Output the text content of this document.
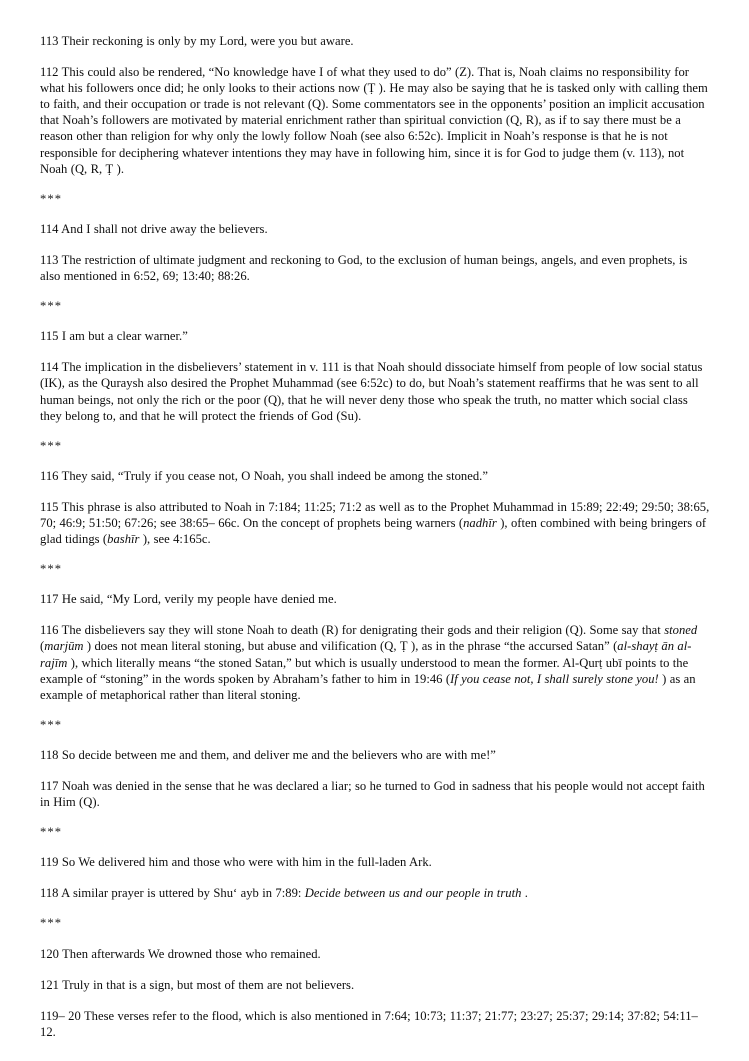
113 Their reckoning is only by my Lord, were you but aware.
112 This could also be rendered, “No knowledge have I of what they used to do” (Z). That is, Noah claims no responsibility for what his followers once did; he only looks to their actions now (Ṭ ). He may also be saying that he is tasked only with calling them to faith, and their occupation or trade is not relevant (Q). Some commentators see in the opponents’ position an implicit accusation that Noah’s followers are motivated by material enrichment rather than spiritual conviction (Q, R), as if to say there must be a reason other than religion for why only the lowly follow Noah (see also 6:52c). Implicit in Noah’s response is that he is not responsible for deciphering whatever intentions they may have in following him, since it is for God to judge them (v. 113), not Noah (Q, R, Ṭ ).
***
114 And I shall not drive away the believers.
113 The restriction of ultimate judgment and reckoning to God, to the exclusion of human beings, angels, and even prophets, is also mentioned in 6:52, 69; 13:40; 88:26.
***
115 I am but a clear warner.”
114 The implication in the disbelievers’ statement in v. 111 is that Noah should dissociate himself from people of low social status (IK), as the Quraysh also desired the Prophet Muhammad (see 6:52c) to do, but Noah’s statement reaffirms that he was sent to all human beings, not only the rich or the poor (Q), that he will never deny those who speak the truth, no matter which social class they belong to, and that he will protect the friends of God (Su).
***
116 They said, “Truly if you cease not, O Noah, you shall indeed be among the stoned.”
115 This phrase is also attributed to Noah in 7:184; 11:25; 71:2 as well as to the Prophet Muhammad in 15:89; 22:49; 29:50; 38:65, 70; 46:9; 51:50; 67:26; see 38:65– 66c. On the concept of prophets being warners (nadhīr ), often combined with being bringers of glad tidings (bashīr ), see 4:165c.
***
117 He said, “My Lord, verily my people have denied me.
116 The disbelievers say they will stone Noah to death (R) for denigrating their gods and their religion (Q). Some say that stoned (marjūm ) does not mean literal stoning, but abuse and vilification (Q, Ṭ ), as in the phrase “the accursed Satan” (al-shayṭ ān al-rajīm ), which literally means “the stoned Satan,” but which is usually understood to mean the former. Al-Qurṭ ubī points to the example of “stoning” in the words spoken by Abraham’s father to him in 19:46 (If you cease not, I shall surely stone you! ) as an example of metaphorical rather than literal stoning.
***
118 So decide between me and them, and deliver me and the believers who are with me!”
117 Noah was denied in the sense that he was declared a liar; so he turned to God in sadness that his people would not accept faith in Him (Q).
***
119 So We delivered him and those who were with him in the full-laden Ark.
118 A similar prayer is uttered by Shuʻ ayb in 7:89: Decide between us and our people in truth .
***
120 Then afterwards We drowned those who remained.
121 Truly in that is a sign, but most of them are not believers.
119– 20 These verses refer to the flood, which is also mentioned in 7:64; 10:73; 11:37; 21:77; 23:27; 25:37; 29:14; 37:82; 54:11– 12.
